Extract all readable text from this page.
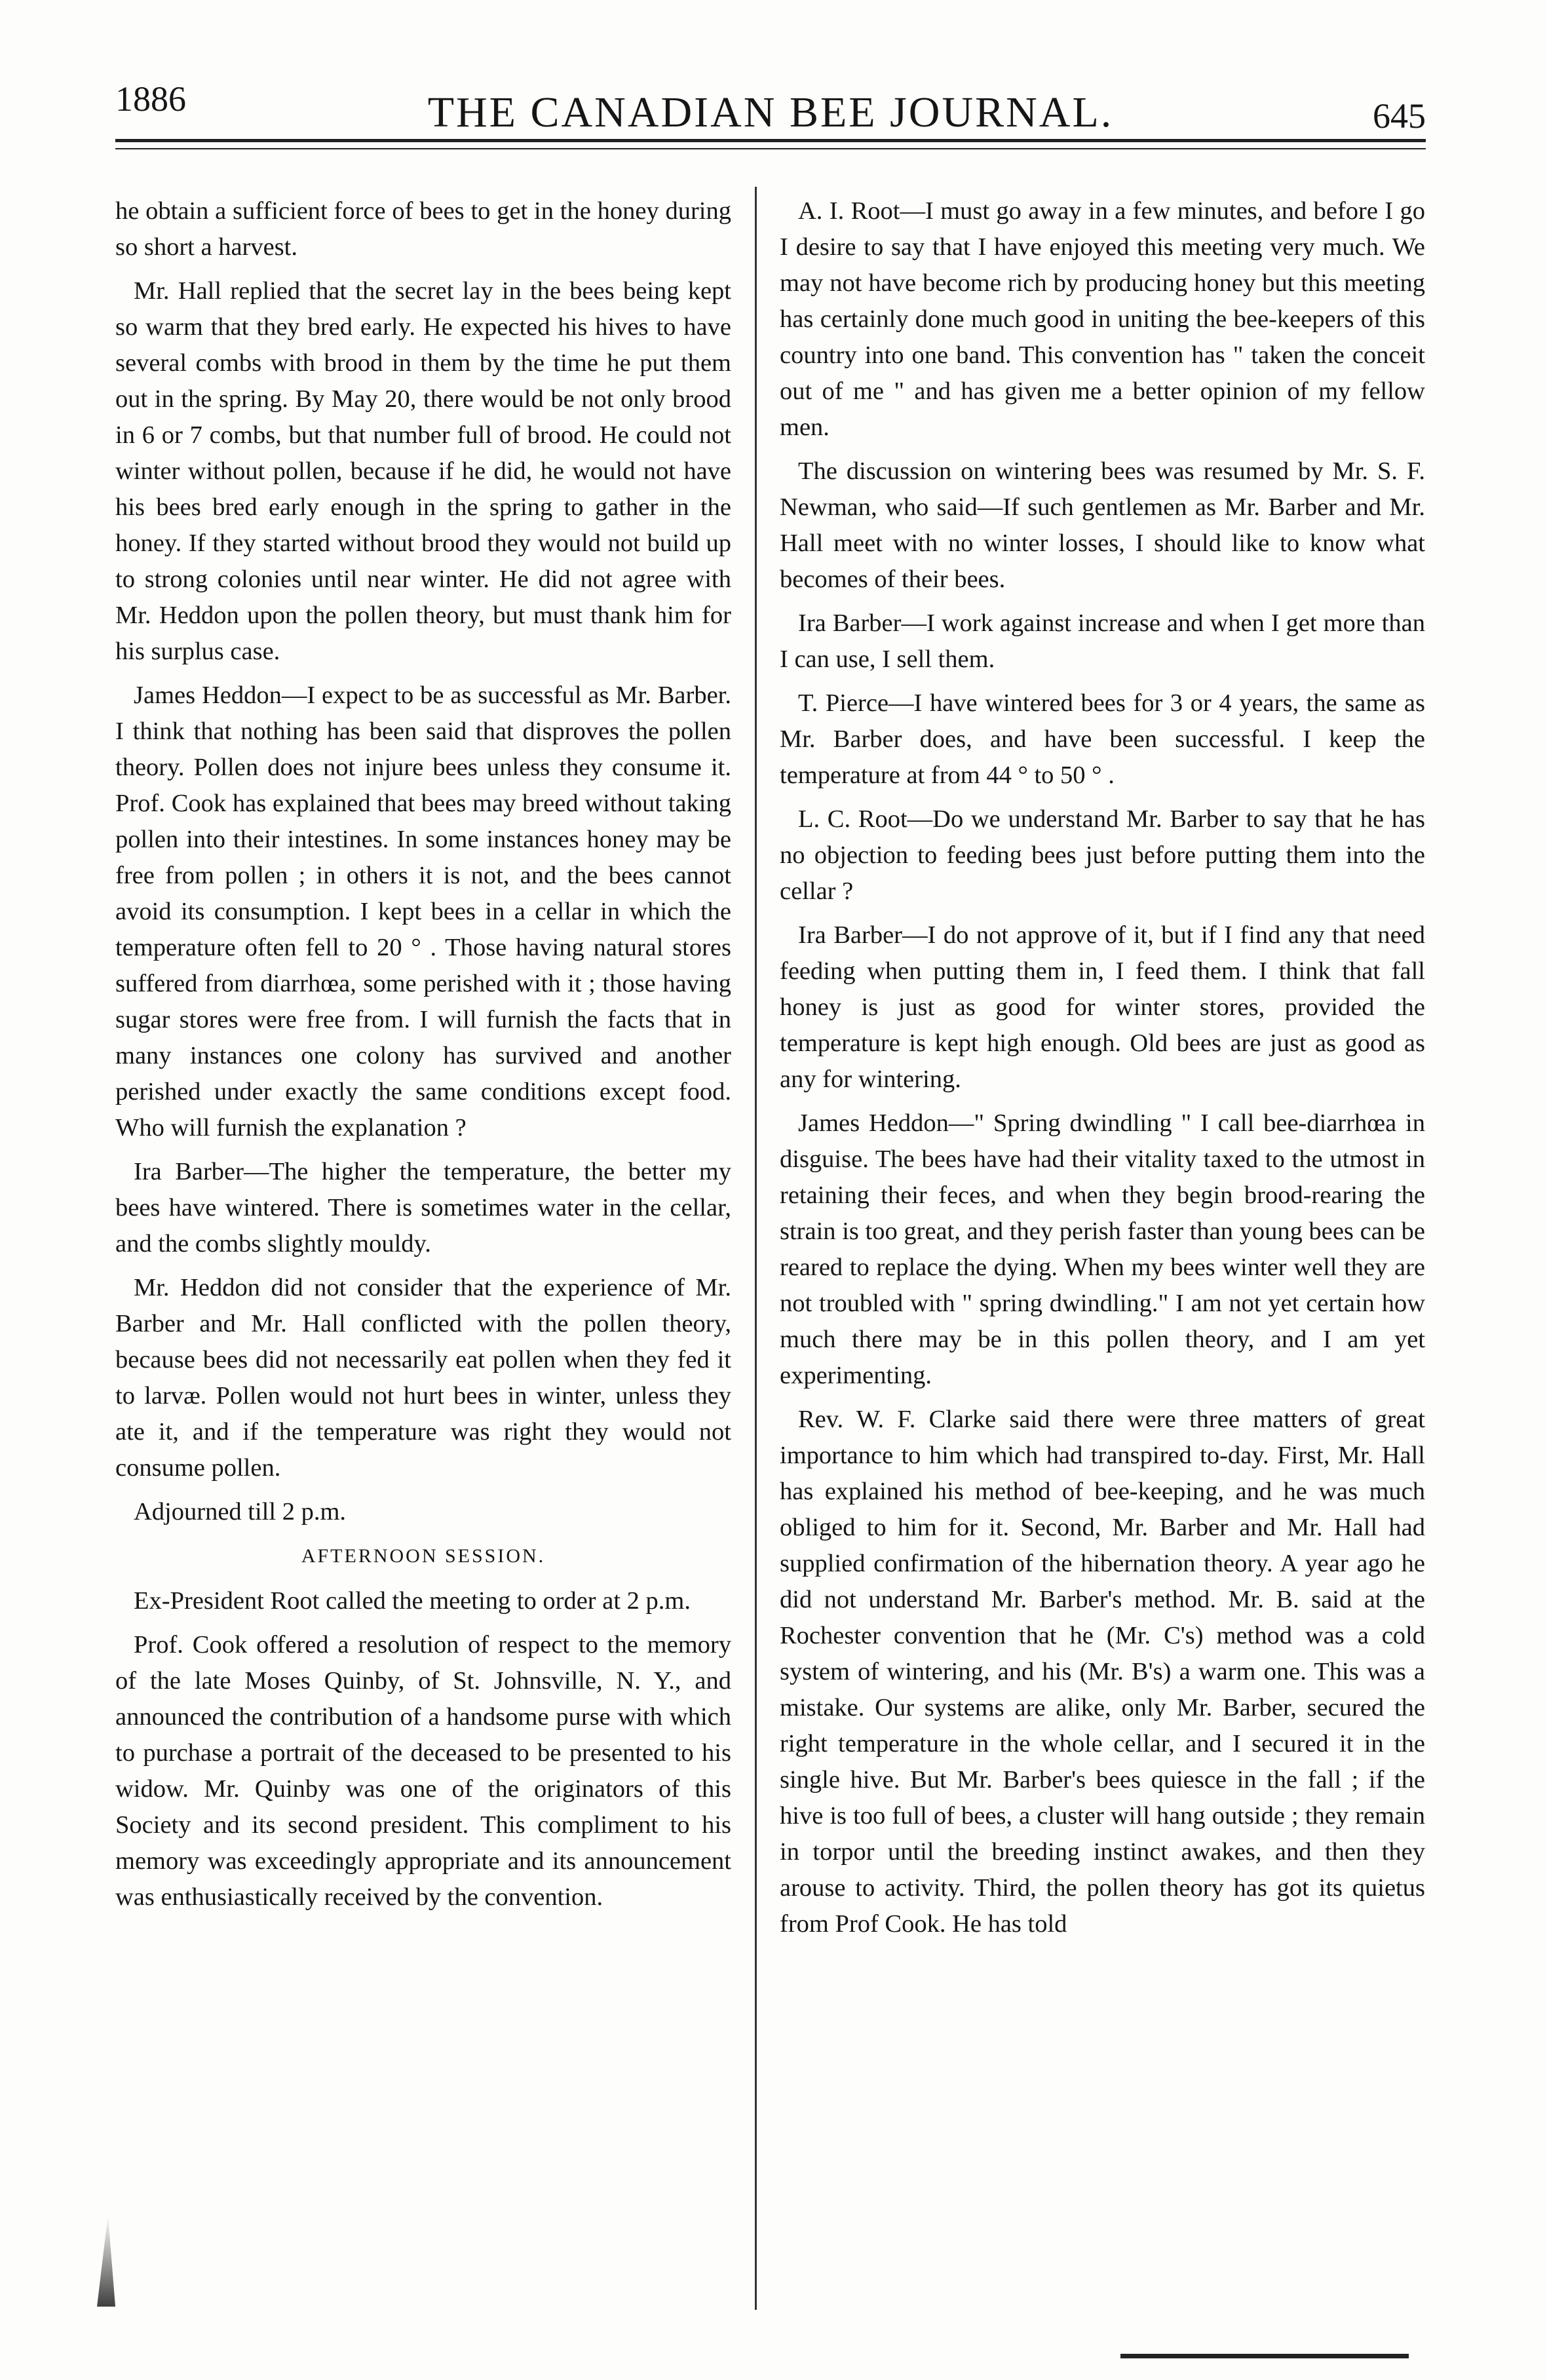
1886	THE CANADIAN BEE JOURNAL.	645

he obtain a sufficient force of bees to get in the honey during so short a harvest.

Mr. Hall replied that the secret lay in the bees being kept so warm that they bred early. He expected his hives to have several combs with brood in them by the time he put them out in the spring. By May 20, there would be not only brood in 6 or 7 combs, but that number full of brood. He could not winter without pollen, because if he did, he would not have his bees bred early enough in the spring to gather in the honey. If they started without brood they would not build up to strong colonies until near winter. He did not agree with Mr. Heddon upon the pollen theory, but must thank him for his surplus case.

James Heddon—I expect to be as successful as Mr. Barber. I think that nothing has been said that disproves the pollen theory. Pollen does not injure bees unless they consume it. Prof. Cook has explained that bees may breed without taking pollen into their intestines. In some instances honey may be free from pollen ; in others it is not, and the bees cannot avoid its consumption. I kept bees in a cellar in which the temperature often fell to 20 ° . Those having natural stores suffered from diarrhœa, some perished with it ; those having sugar stores were free from. I will furnish the facts that in many instances one colony has survived and another perished under exactly the same conditions except food. Who will furnish the explanation ?

Ira Barber—The higher the temperature, the better my bees have wintered. There is sometimes water in the cellar, and the combs slightly mouldy.

Mr. Heddon did not consider that the experience of Mr. Barber and Mr. Hall conflicted with the pollen theory, because bees did not necessarily eat pollen when they fed it to larvæ. Pollen would not hurt bees in winter, unless they ate it, and if the temperature was right they would not consume pollen.

Adjourned till 2 p.m.

AFTERNOON SESSION.

Ex-President Root called the meeting to order at 2 p.m.

Prof. Cook offered a resolution of respect to the memory of the late Moses Quinby, of St. Johnsville, N. Y., and announced the contribution of a handsome purse with which to purchase a portrait of the deceased to be presented to his widow. Mr. Quinby was one of the originators of this Society and its second president. This compliment to his memory was exceedingly appropriate and its announcement was enthusiastically received by the convention.

A. I. Root—I must go away in a few minutes, and before I go I desire to say that I have enjoyed this meeting very much. We may not have become rich by producing honey but this meeting has certainly done much good in uniting the bee-keepers of this country into one band. This convention has " taken the conceit out of me " and has given me a better opinion of my fellow men.

The discussion on wintering bees was resumed by Mr. S. F. Newman, who said—If such gentlemen as Mr. Barber and Mr. Hall meet with no winter losses, I should like to know what becomes of their bees.

Ira Barber—I work against increase and when I get more than I can use, I sell them.

T. Pierce—I have wintered bees for 3 or 4 years, the same as Mr. Barber does, and have been successful. I keep the temperature at from 44 ° to 50 ° .

L. C. Root—Do we understand Mr. Barber to say that he has no objection to feeding bees just before putting them into the cellar ?

Ira Barber—I do not approve of it, but if I find any that need feeding when putting them in, I feed them. I think that fall honey is just as good for winter stores, provided the temperature is kept high enough. Old bees are just as good as any for wintering.

James Heddon—" Spring dwindling " I call bee-diarrhœa in disguise. The bees have had their vitality taxed to the utmost in retaining their feces, and when they begin brood-rearing the strain is too great, and they perish faster than young bees can be reared to replace the dying. When my bees winter well they are not troubled with " spring dwindling." I am not yet certain how much there may be in this pollen theory, and I am yet experimenting.

Rev. W. F. Clarke said there were three matters of great importance to him which had transpired to-day. First, Mr. Hall has explained his method of bee-keeping, and he was much obliged to him for it. Second, Mr. Barber and Mr. Hall had supplied confirmation of the hibernation theory. A year ago he did not understand Mr. Barber's method. Mr. B. said at the Rochester convention that he (Mr. C's) method was a cold system of wintering, and his (Mr. B's) a warm one. This was a mistake. Our systems are alike, only Mr. Barber, secured the right temperature in the whole cellar, and I secured it in the single hive. But Mr. Barber's bees quiesce in the fall ; if the hive is too full of bees, a cluster will hang outside ; they remain in torpor until the breeding instinct awakes, and then they arouse to activity. Third, the pollen theory has got its quietus from Prof Cook. He has told
